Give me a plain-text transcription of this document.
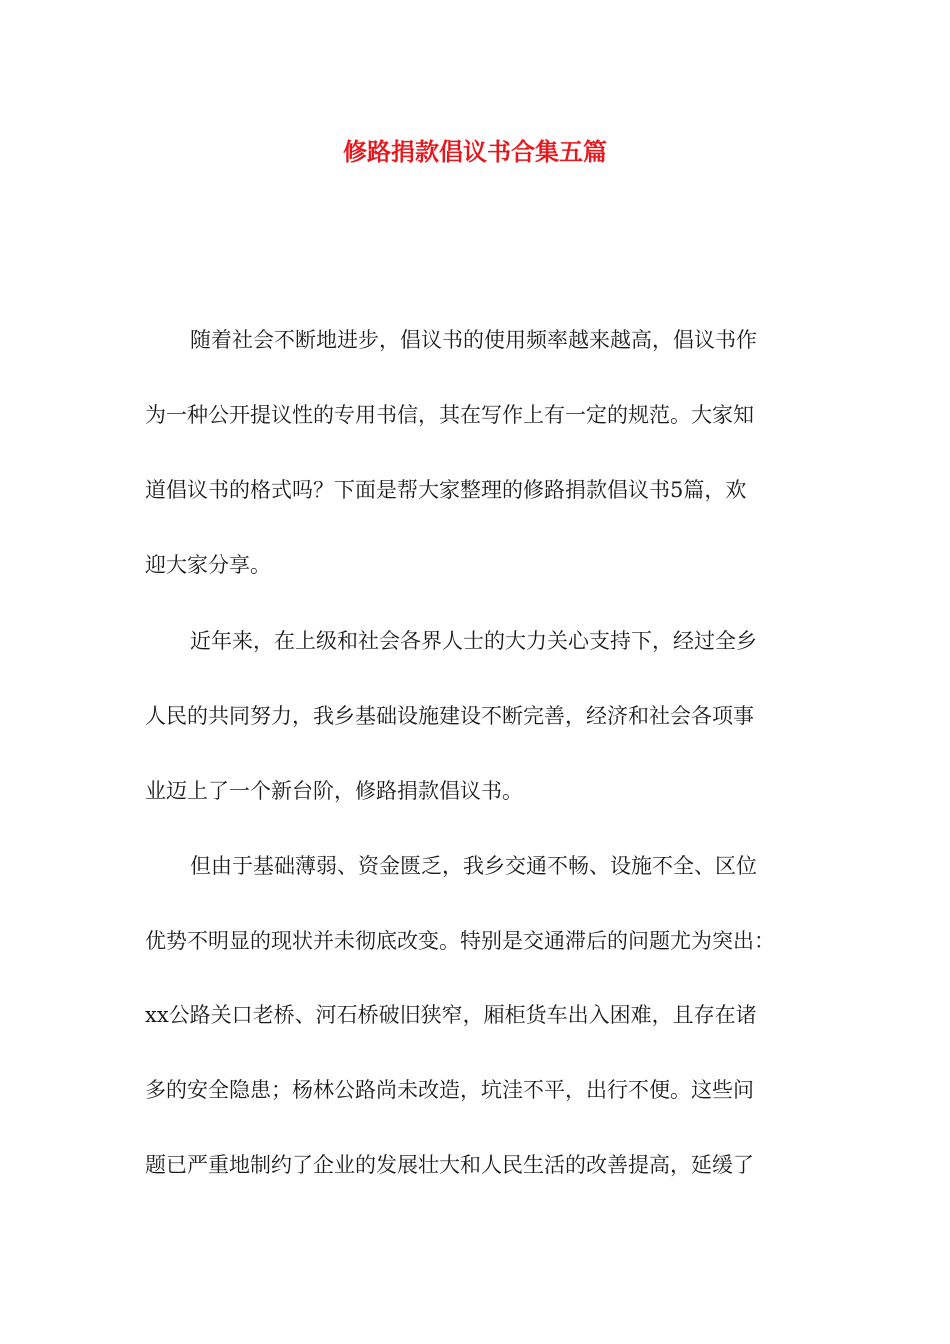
修路捐款倡议书合集五篇

随着社会不断地进步，倡议书的使用频率越来越高，倡议书作

为一种公开提议性的专用书信，其在写作上有一定的规范。大家知

道倡议书的格式吗？下面是帮大家整理的修路捐款倡议书5篇，欢

迎大家分享。

近年来，在上级和社会各界人士的大力关心支持下，经过全乡

人民的共同努力，我乡基础设施建设不断完善，经济和社会各项事

业迈上了一个新台阶，修路捐款倡议书。

但由于基础薄弱、资金匮乏，我乡交通不畅、设施不全、区位

优势不明显的现状并未彻底改变。特别是交通滞后的问题尤为突出：

xx公路关口老桥、河石桥破旧狭窄，厢柜货车出入困难，且存在诸

多的安全隐患；杨林公路尚未改造，坑洼不平，出行不便。这些问

题已严重地制约了企业的发展壮大和人民生活的改善提高，延缓了
